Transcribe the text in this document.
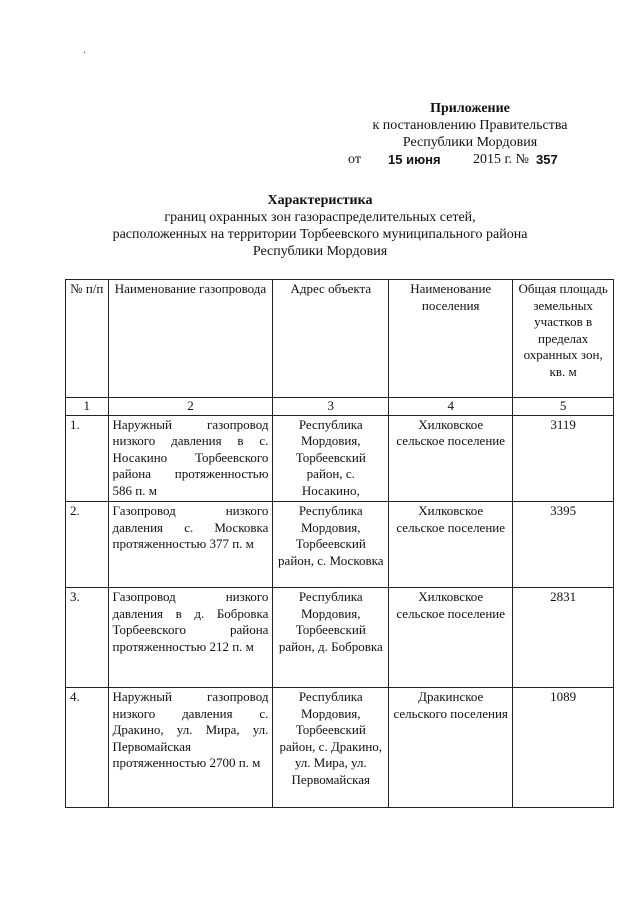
·
Приложение
к постановлению Правительства
Республики Мордовия
от 15 июня 2015 г. № 357
Характеристика
границ охранных зон газораспределительных сетей,
расположенных на территории Торбеевского муниципального района
Республики Мордовия
№ п/п	Наименование газопровода	Адрес объекта	Наименование поселения	Общая площадь земельных участков в пределах охранных зон, кв. м
1	2	3	4	5
1.	Наружный газопровод низкого давления в с. Носакино Торбеевского района протяженностью 586 п. м	Республика Мордовия, Торбеевский район, с. Носакино,	Хилковское сельское поселение	3119
2.	Газопровод низкого давления с. Московка протяженностью 377 п. м	Республика Мордовия, Торбеевский район, с. Московка	Хилковское сельское поселение	3395
3.	Газопровод низкого давления в д. Бобровка Торбеевского района протяженностью 212 п. м	Республика Мордовия, Торбеевский район, д. Бобровка	Хилковское сельское поселение	2831
4.	Наружный газопровод низкого давления с. Дракино, ул. Мира, ул. Первомайская протяженностью 2700 п. м	Республика Мордовия, Торбеевский район, с. Дракино, ул. Мира, ул. Первомайская	Дракинское сельского поселения	1089
